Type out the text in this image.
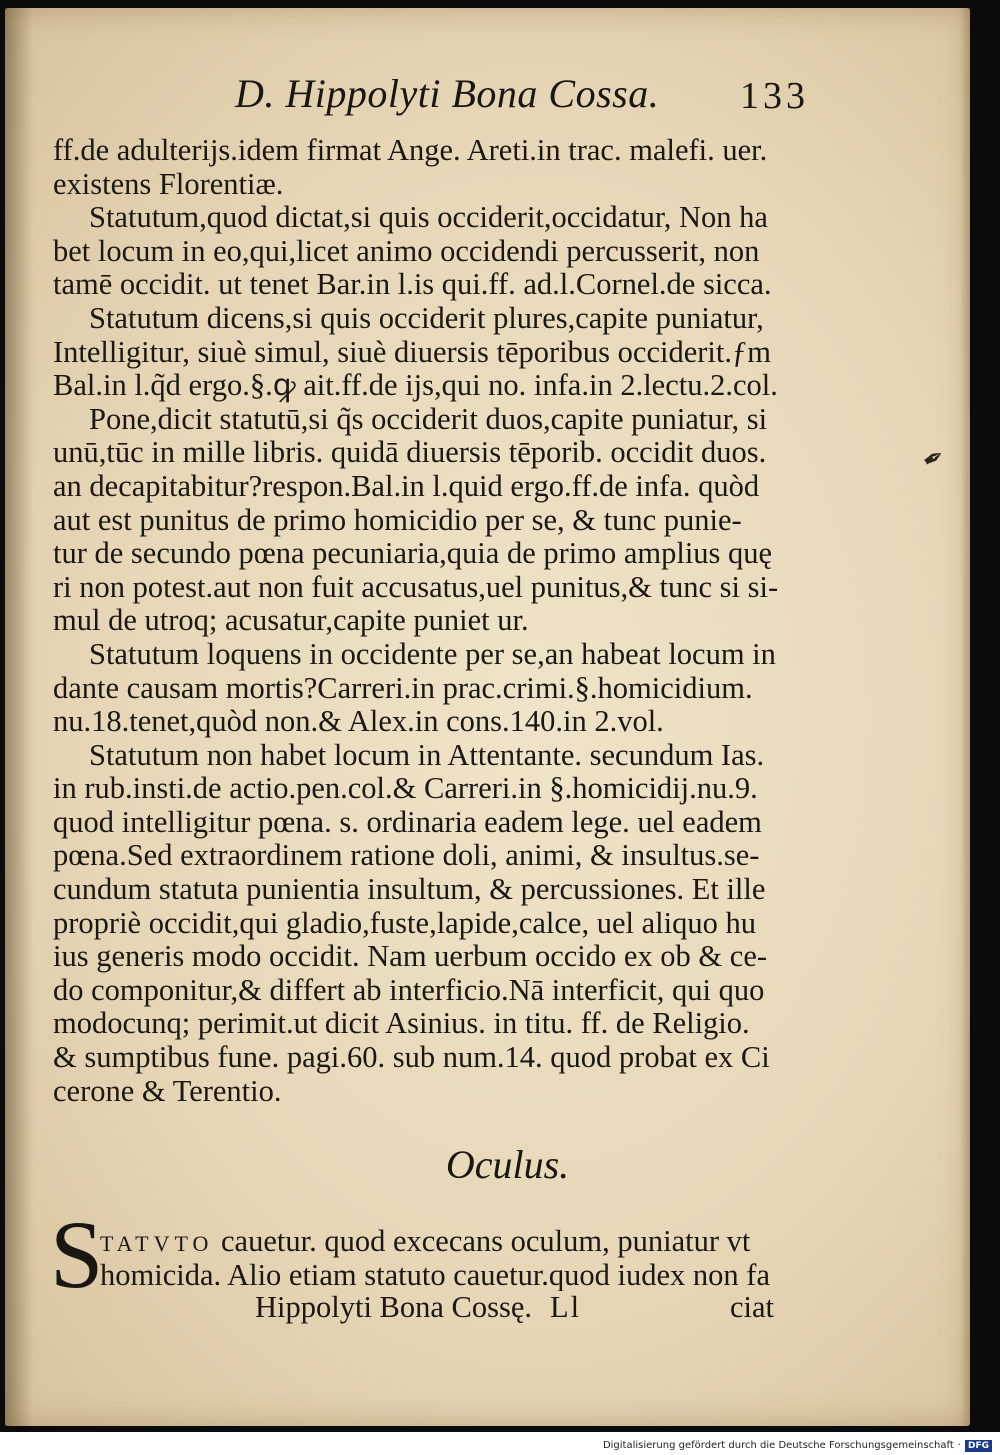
D. Hippolyti Bona Cossa. 133
ff.de adulterijs.idem firmat Ange. Areti.in trac. malefi. uer.
existens Florentiæ.
Statutum,quod dictat,si quis occiderit,occidatur, Non ha
bet locum in eo,qui,licet animo occidendi percusserit, non
tamē occidit. ut tenet Bar.in l.is qui.ff. ad.l.Cornel.de sicca.
Statutum dicens,si quis occiderit plures,capite puniatur,
Intelligitur, siuè simul, siuè diuersis tēporibus occiderit.ƒm
Bal.in l.q̃d ergo.§.ꝙ ait.ff.de ijs,qui no. infa.in 2.lectu.2.col.
Pone,dicit statutū,si q̃s occiderit duos,capite puniatur, si
unū,tūc in mille libris. quidā diuersis tēporib. occidit duos.
an decapitabitur?respon.Bal.in l.quid ergo.ff.de infa. quòd
aut est punitus de primo homicidio per se, & tunc punie-
tur de secundo pœna pecuniaria,quia de primo amplius quę
ri non potest.aut non fuit accusatus,uel punitus,& tunc si si-
mul de utroq; acusatur,capite puniet ur.
Statutum loquens in occidente per se,an habeat locum in
dante causam mortis?Carreri.in prac.crimi.§.homicidium.
nu.18.tenet,quòd non.& Alex.in cons.140.in 2.vol.
Statutum non habet locum in Attentante. secundum Ias.
in rub.insti.de actio.pen.col.& Carreri.in §.homicidij.nu.9.
quod intelligitur pœna. s. ordinaria eadem lege. uel eadem
pœna.Sed extraordinem ratione doli, animi, & insultus.se-
cundum statuta punientia insultum, & percussiones. Et ille
propriè occidit,qui gladio,fuste,lapide,calce, uel aliquo hu
ius generis modo occidit. Nam uerbum occido ex ob & ce-
do componitur,& differt ab interficio.Nā interficit, qui quo
modocunq; perimit.ut dicit Asinius. in titu. ff. de Religio.
& sumptibus fune. pagi.60. sub num.14. quod probat ex Ci
cerone & Terentio.
✒
Oculus.
S
TATVTO cauetur. quod excecans oculum, puniatur vt
homicida. Alio etiam statuto cauetur.quod iudex non fa
Hippolyti Bona Cossę. Ll	ciat
Digitalisierung gefördert durch die Deutsche Forschungsgemeinschaft · DFG
